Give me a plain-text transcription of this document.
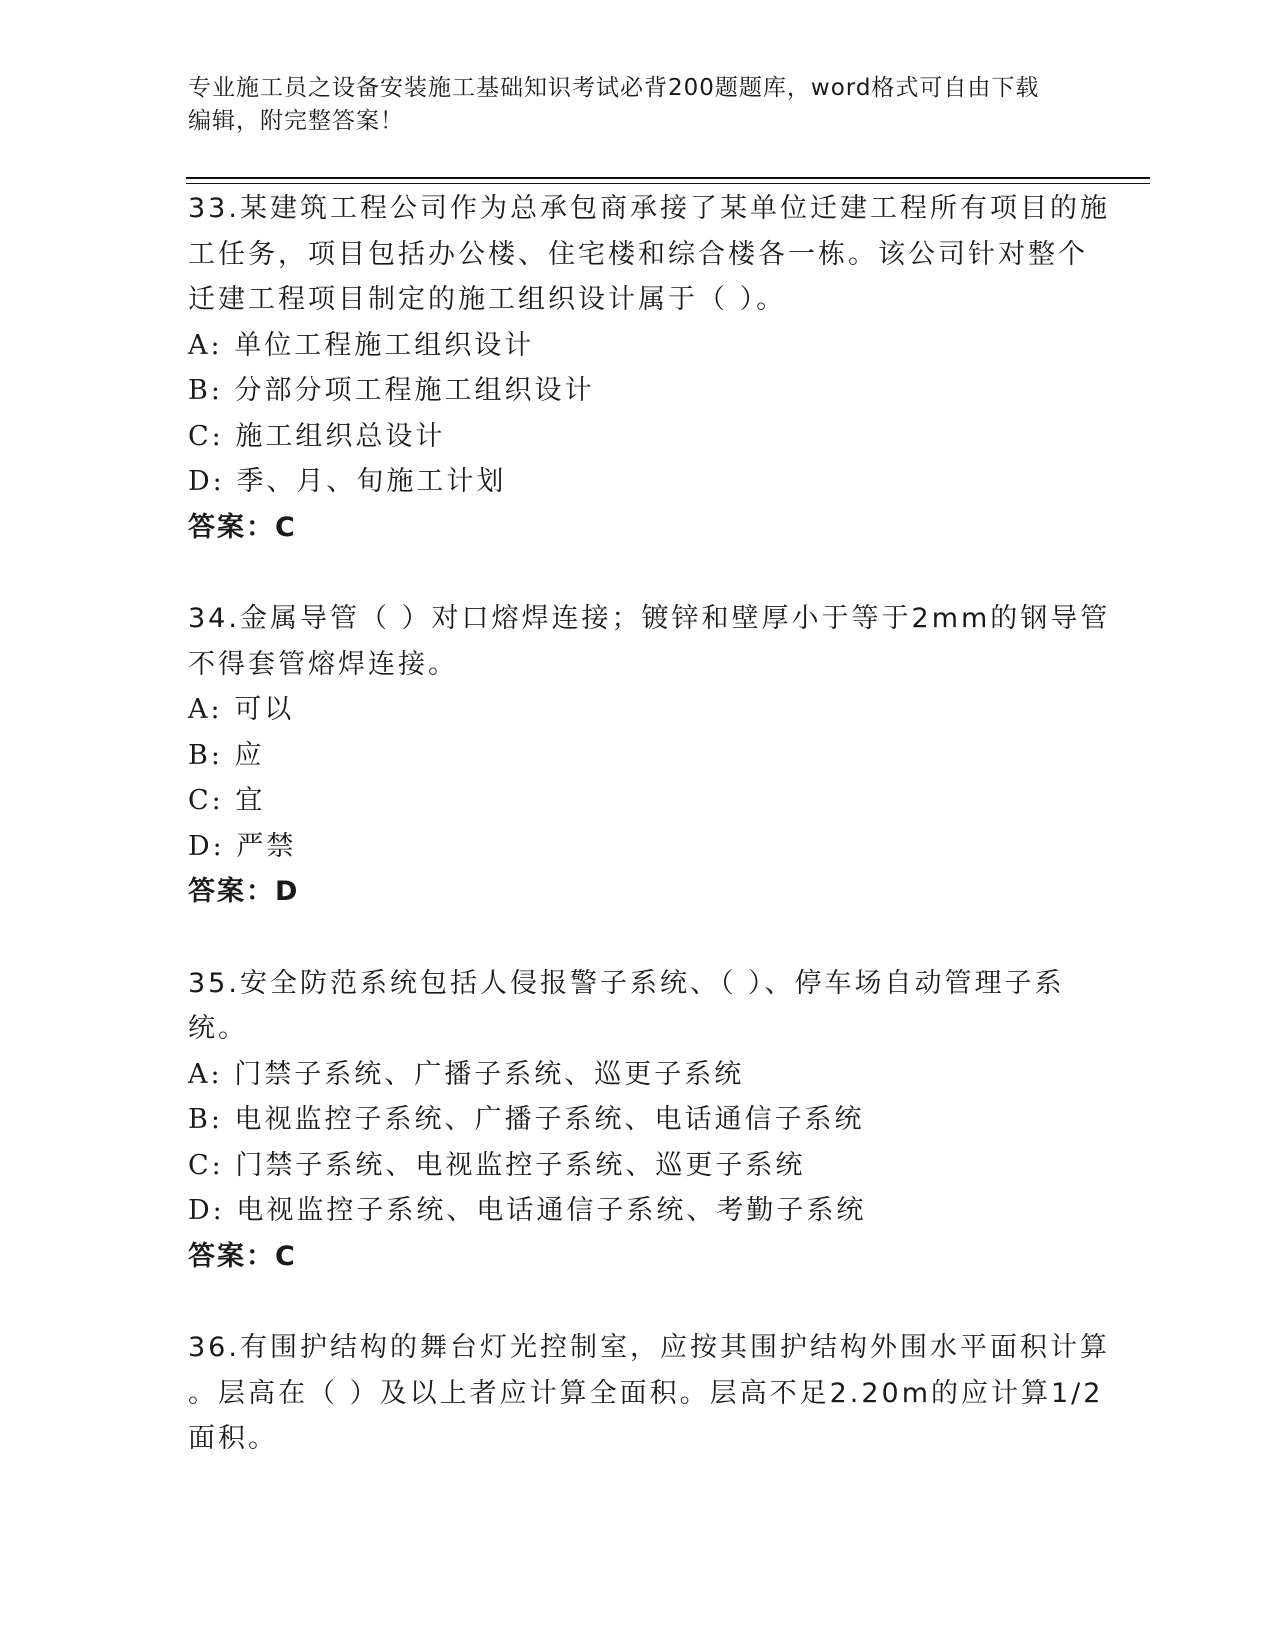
专业施工员之设备安装施工基础知识考试必背200题题库，word格式可自由下载
编辑，附完整答案！
33.某建筑工程公司作为总承包商承接了某单位迁建工程所有项目的施
工任务，项目包括办公楼、住宅楼和综合楼各一栋。该公司针对整个
迁建工程项目制定的施工组织设计属于（ ）。
A: 单位工程施工组织设计
B: 分部分项工程施工组织设计
C: 施工组织总设计
D: 季、月、旬施工计划
答案：C
34.金属导管（ ）对口熔焊连接；镀锌和壁厚小于等于2mm的钢导管
不得套管熔焊连接。
A: 可以
B: 应
C: 宜
D: 严禁
答案：D
35.安全防范系统包括人侵报警子系统、（ ）、停车场自动管理子系
统。
A: 门禁子系统、广播子系统、巡更子系统
B: 电视监控子系统、广播子系统、电话通信子系统
C: 门禁子系统、电视监控子系统、巡更子系统
D: 电视监控子系统、电话通信子系统、考勤子系统
答案：C
36.有围护结构的舞台灯光控制室，应按其围护结构外围水平面积计算
。层高在（ ）及以上者应计算全面积。层高不足2.20m的应计算1/2
面积。
